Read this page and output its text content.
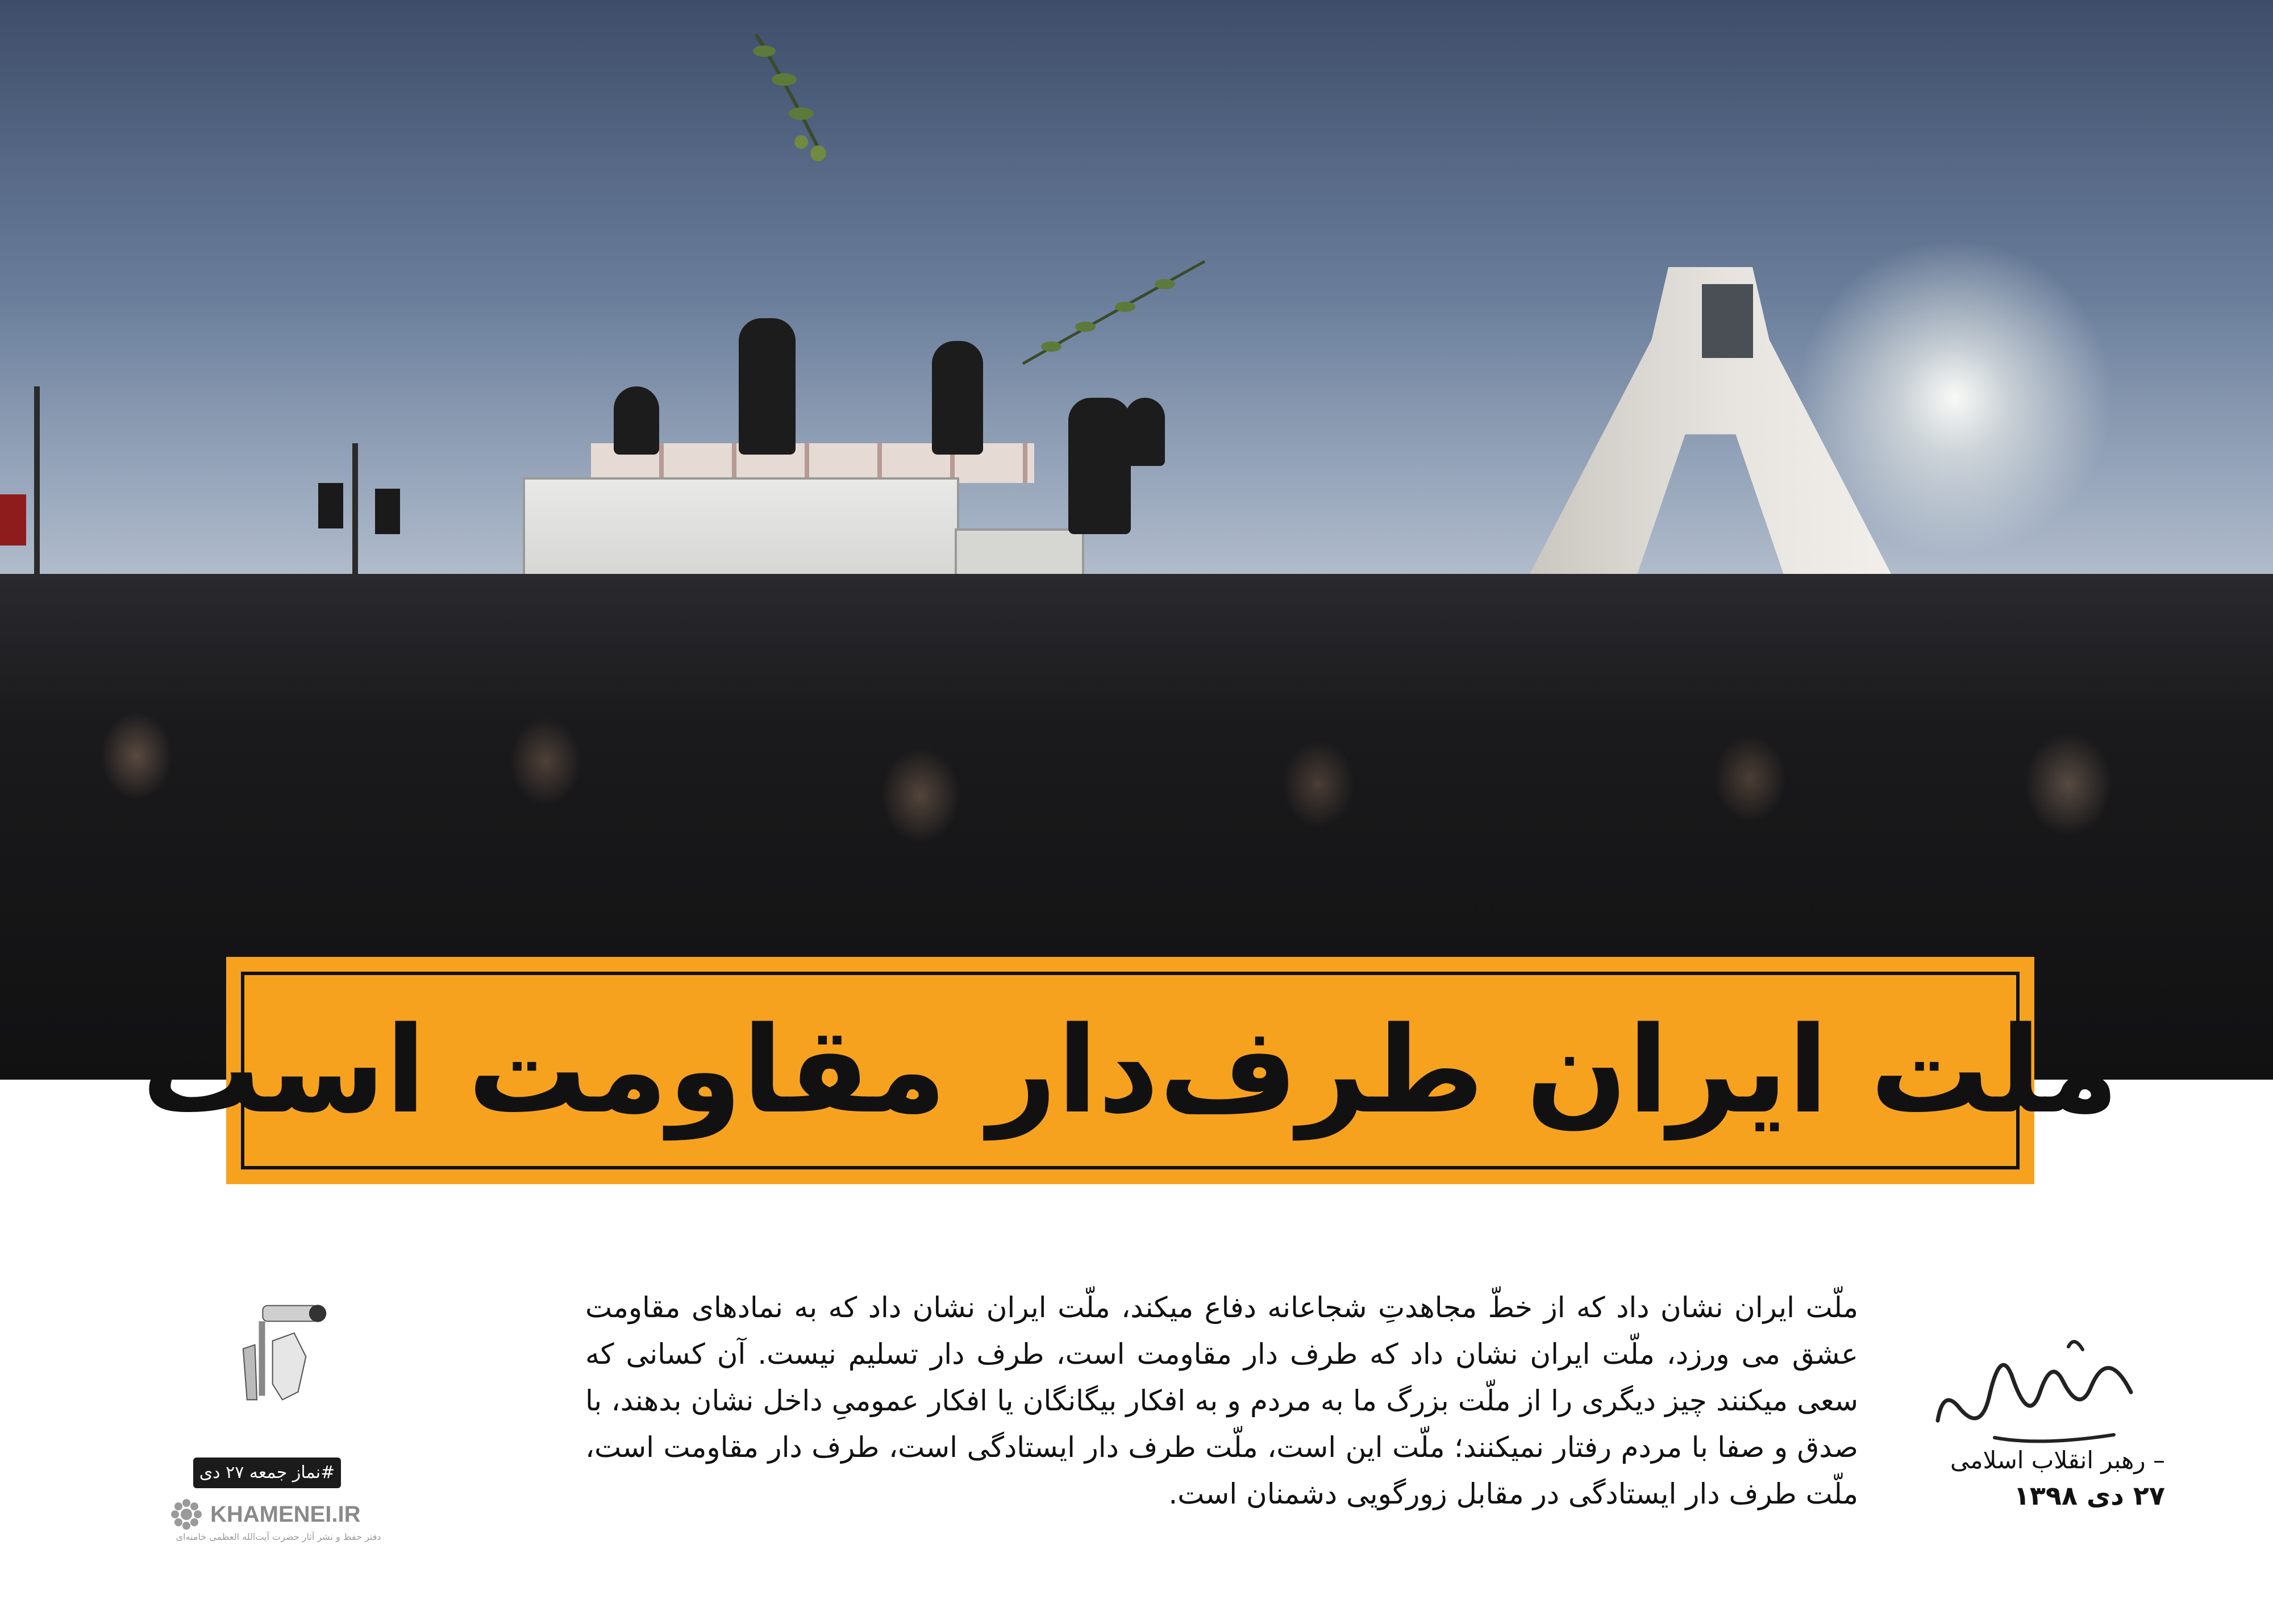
ملت ایران طرف‌دار مقاومت است
ملّت ایران نشان داد که از خطّ مجاهدتِ شجاعانه دفاع میکند، ملّت ایران نشان داد که به نمادهای مقاومت عشق می ورزد، ملّت ایران نشان داد که طرف دار مقاومت است، طرف دار تسلیم نیست. آن کسانی که سعی میکنند چیز دیگری را از ملّت بزرگ ما به مردم و به افکار بیگانگان یا افکار عمومیِ داخل نشان بدهند، با صدق و صفا با مردم رفتار نمیکنند؛ ملّت این است، ملّت طرف دار ایستادگی است، طرف دار مقاومت است، ملّت طرف دار ایستادگی در مقابل زورگویی دشمنان است.
– رهبر انقلاب اسلامی
۲۷ دی ۱۳۹۸
#نماز جمعه ۲۷ دی
KHAMENEI.IR
دفتر حفظ و نشر آثار حضرت آیت‌الله العظمی خامنه‌ای
